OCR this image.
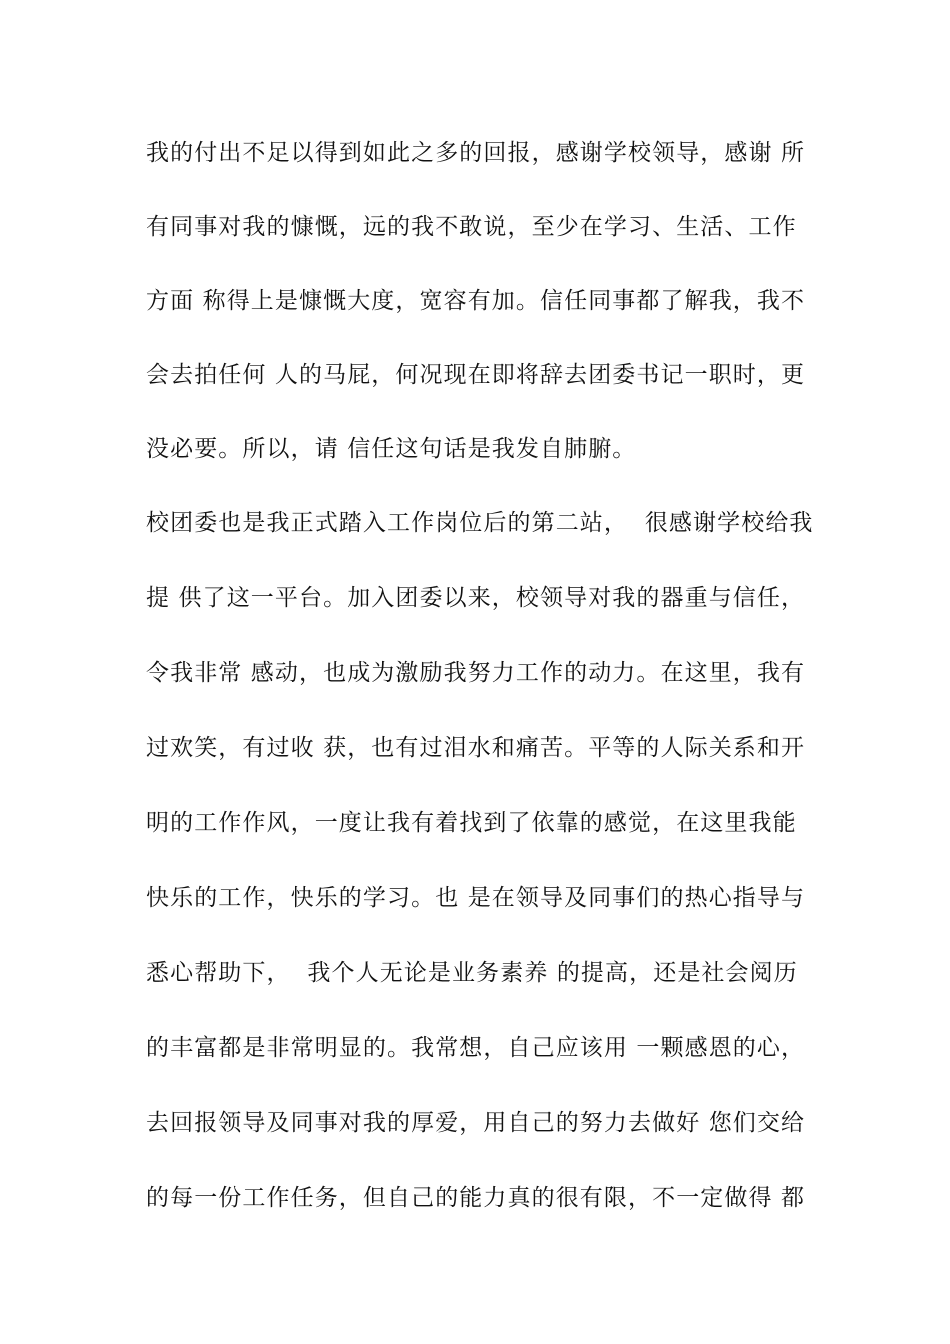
我的付出不足以得到如此之多的回报，感谢学校领导，感谢 所
有同事对我的慷慨，远的我不敢说，至少在学习、生活、工作
方面 称得上是慷慨大度，宽容有加。信任同事都了解我，我不
会去拍任何 人的马屁，何况现在即将辞去团委书记一职时，更
没必要。所以，请 信任这句话是我发自肺腑。
校团委也是我正式踏入工作岗位后的第二站，  很感谢学校给我
提 供了这一平台。加入团委以来，校领导对我的器重与信任，
令我非常 感动，也成为激励我努力工作的动力。在这里，我有
过欢笑，有过收 获，也有过泪水和痛苦。平等的人际关系和开
明的工作作风，一度让我有着找到了依靠的感觉，在这里我能
快乐的工作，快乐的学习。也 是在领导及同事们的热心指导与
悉心帮助下，  我个人无论是业务素养 的提高，还是社会阅历
的丰富都是非常明显的。我常想，自己应该用 一颗感恩的心，
去回报领导及同事对我的厚爱，用自己的努力去做好 您们交给
的每一份工作任务，但自己的能力真的很有限，不一定做得 都
